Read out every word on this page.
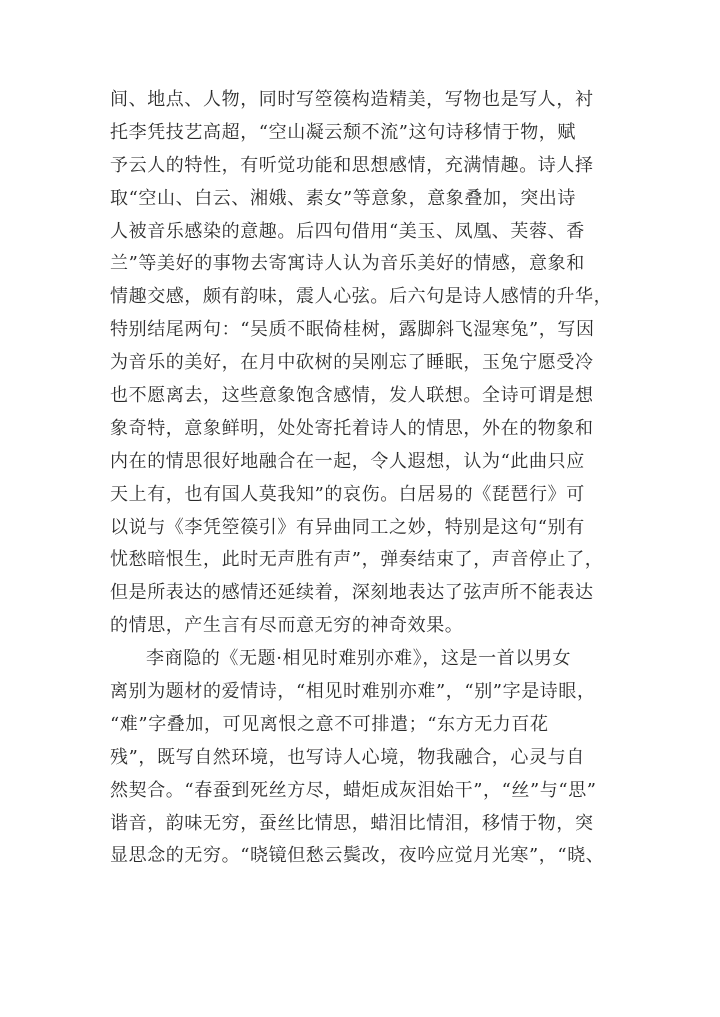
间、地点、人物，同时写箜篌构造精美，写物也是写人，衬
托李凭技艺高超，“空山凝云颓不流”这句诗移情于物，赋
予云人的特性，有听觉功能和思想感情，充满情趣。诗人择
取“空山、白云、湘娥、素女”等意象，意象叠加，突出诗
人被音乐感染的意趣。后四句借用“美玉、凤凰、芙蓉、香
兰”等美好的事物去寄寓诗人认为音乐美好的情感，意象和
情趣交感，颇有韵味，震人心弦。后六句是诗人感情的升华，
特别结尾两句：“吴质不眠倚桂树，露脚斜飞湿寒兔”，写因
为音乐的美好，在月中砍树的吴刚忘了睡眠，玉兔宁愿受冷
也不愿离去，这些意象饱含感情，发人联想。全诗可谓是想
象奇特，意象鲜明，处处寄托着诗人的情思，外在的物象和
内在的情思很好地融合在一起，令人遐想，认为“此曲只应
天上有，也有国人莫我知”的哀伤。白居易的《琵琶行》可
以说与《李凭箜篌引》有异曲同工之妙，特别是这句“别有
忧愁暗恨生，此时无声胜有声”，弹奏结束了，声音停止了，
但是所表达的感情还延续着，深刻地表达了弦声所不能表达
的情思，产生言有尽而意无穷的神奇效果。
李商隐的《无题·相见时难别亦难》，这是一首以男女
离别为题材的爱情诗，“相见时难别亦难”，“别”字是诗眼，
“难”字叠加，可见离恨之意不可排遣；“东方无力百花
残”，既写自然环境，也写诗人心境，物我融合，心灵与自
然契合。“春蚕到死丝方尽，蜡炬成灰泪始干”，“丝”与“思”
谐音，韵味无穷，蚕丝比情思，蜡泪比情泪，移情于物，突
显思念的无穷。“晓镜但愁云鬓改，夜吟应觉月光寒”，“晓、
